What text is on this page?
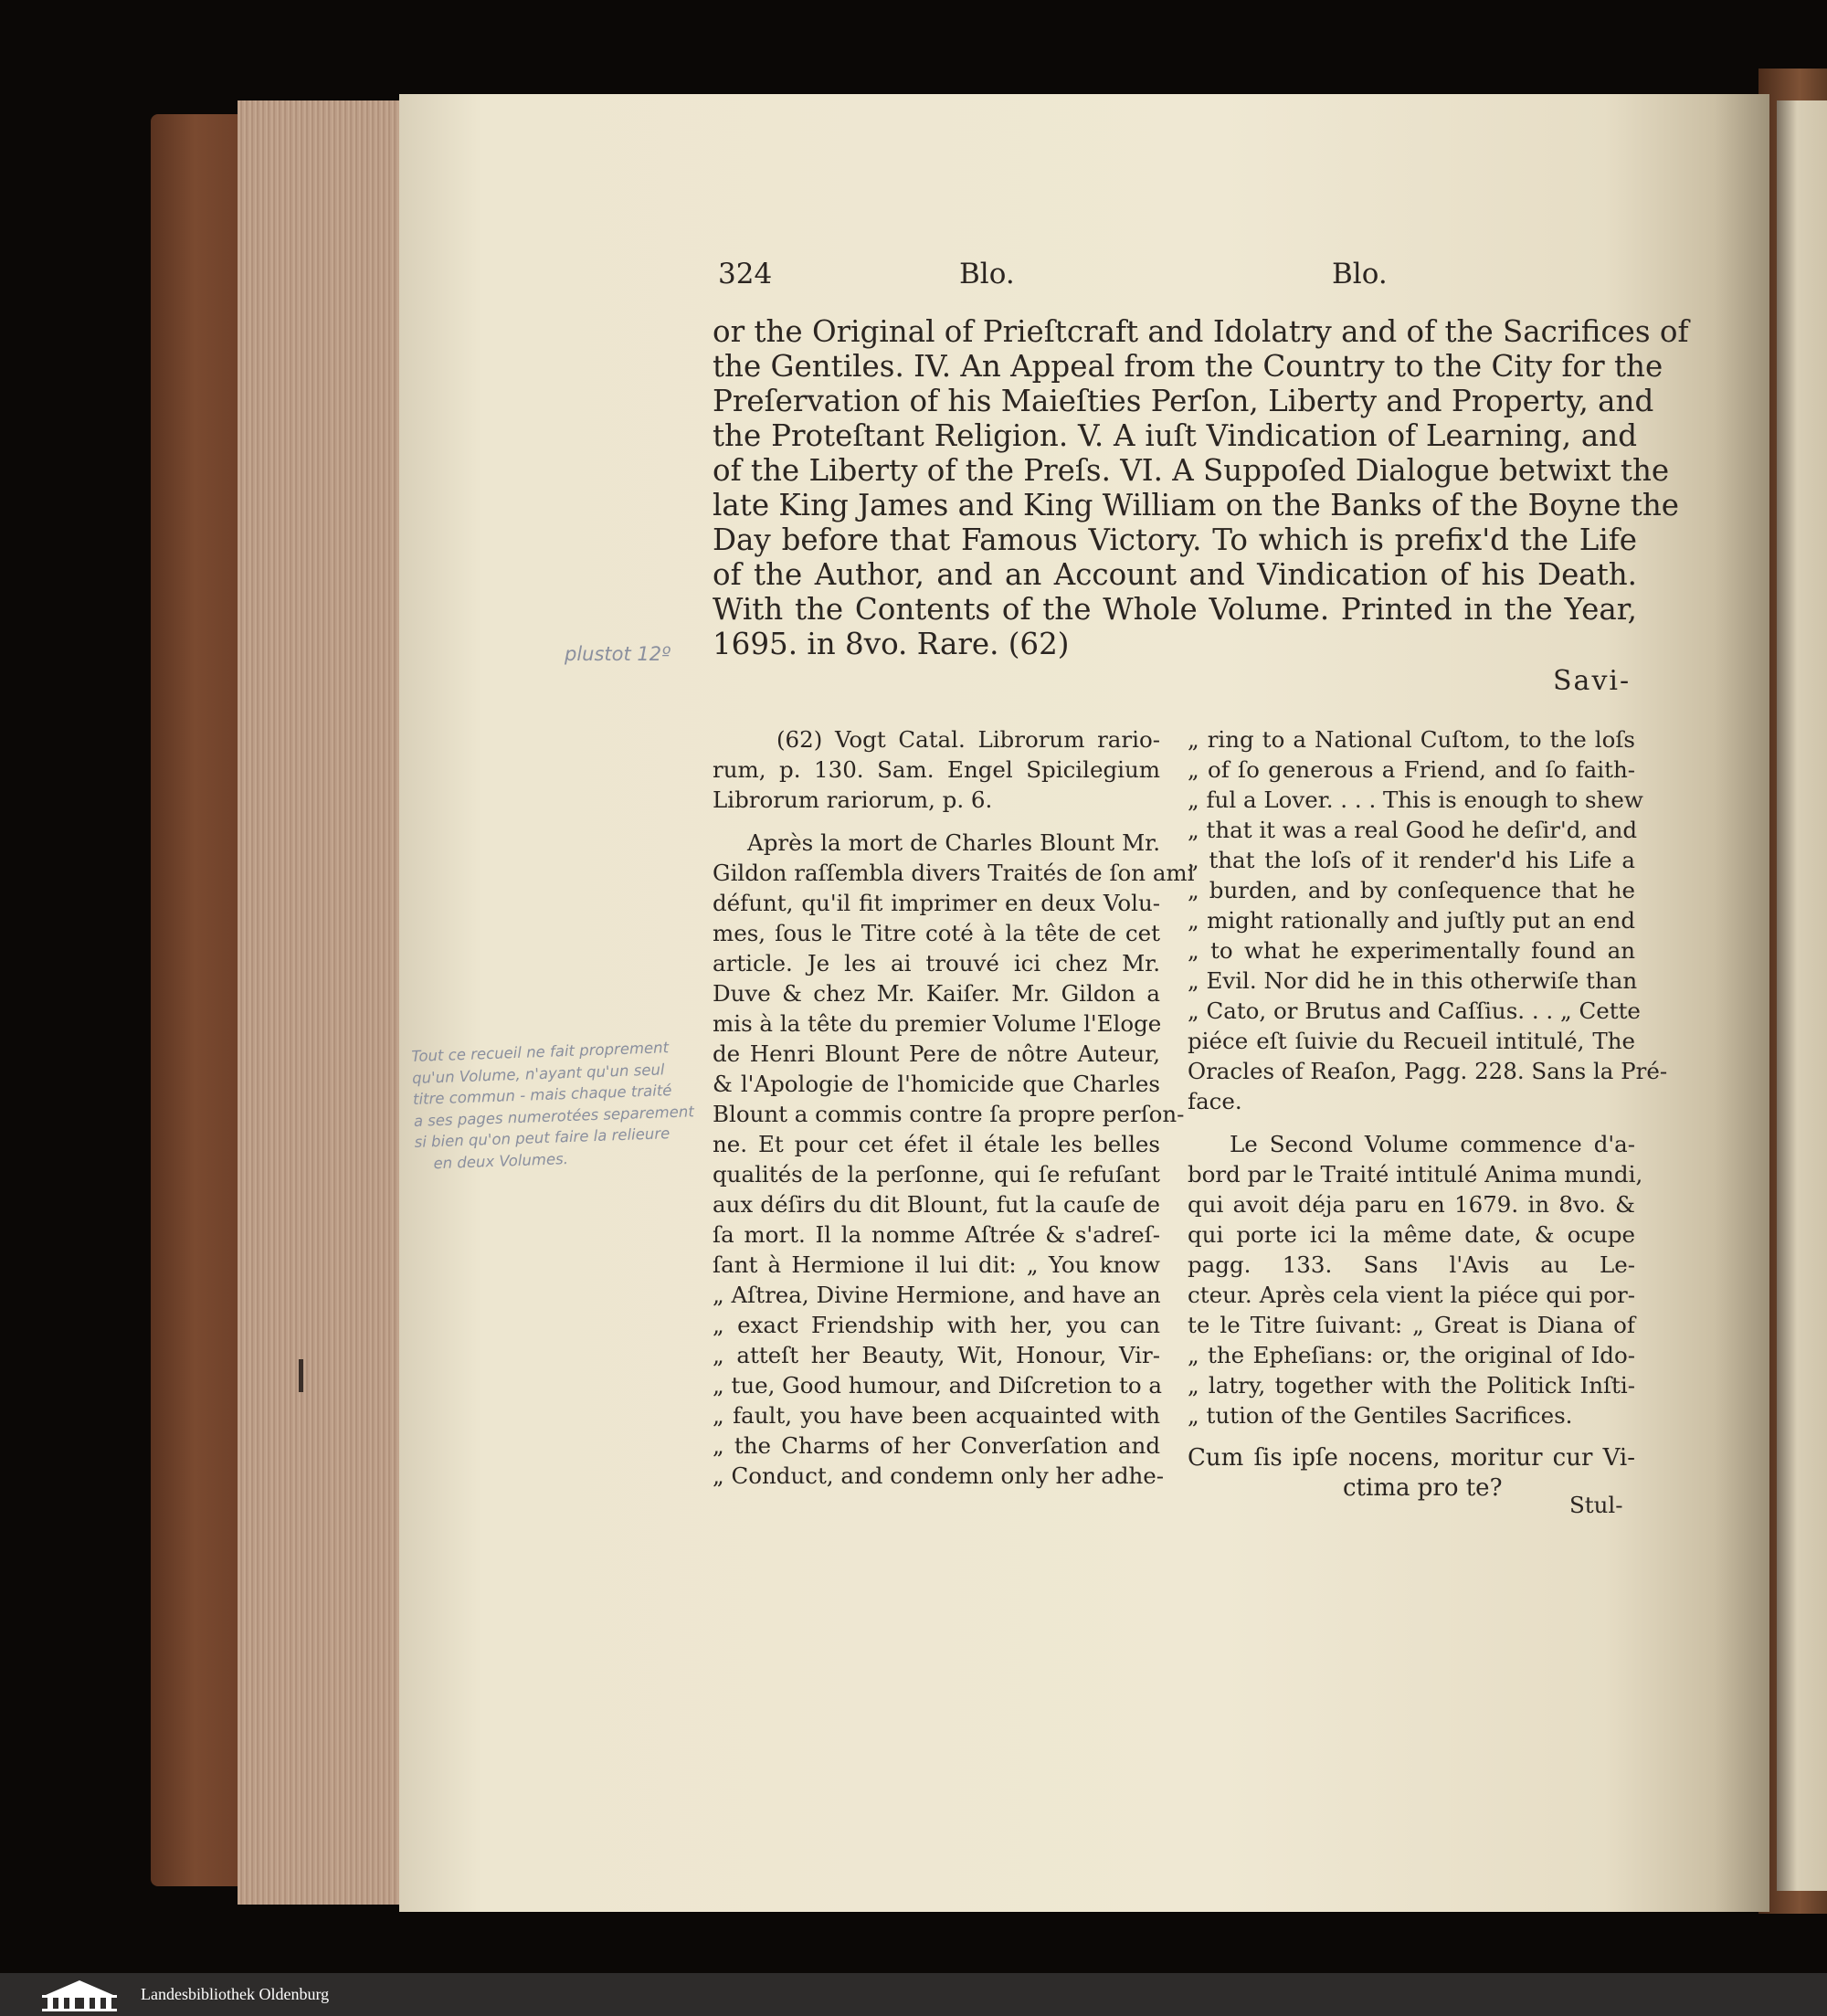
324	Blo.	Blo.
or the Original of Prieſtcraft and Idolatry and of the Sacrifices of
the Gentiles. IV. An Appeal from the Country to the City for the
Preſervation of his Maieſties Perſon, Liberty and Property, and
the Proteſtant Religion. V. A iuſt Vindication of Learning, and
of the Liberty of the Preſs. VI. A Suppoſed Dialogue betwixt the
late King James and King William on the Banks of the Boyne the
Day before that Famous Victory. To which is prefix'd the Life
of the Author, and an Account and Vindication of his Death.
With the Contents of the Whole Volume. Printed in the Year,
1695. in 8vo. Rare. (62)
Savi-
plustot 12º
Tout ce recueil ne fait proprement
qu'un Volume, n'ayant qu'un seul
titre commun - mais chaque traité
a ses pages numerotées separement
si bien qu'on peut faire la relieure
en deux Volumes.
(62) Vogt Catal. Librorum rario-
rum, p. 130. Sam. Engel Spicilegium
Librorum rariorum, p. 6.
Après la mort de Charles Blount Mr.
Gildon raſſembla divers Traités de ſon ami
défunt, qu'il fit imprimer en deux Volu-
mes, ſous le Titre coté à la tête de cet
article. Je les ai trouvé ici chez Mr.
Duve & chez Mr. Kaiſer. Mr. Gildon a
mis à la tête du premier Volume l'Eloge
de Henri Blount Pere de nôtre Auteur,
& l'Apologie de l'homicide que Charles
Blount a commis contre ſa propre perſon-
ne. Et pour cet éfet il étale les belles
qualités de la perſonne, qui ſe refuſant
aux déſirs du dit Blount, fut la cauſe de
ſa mort. Il la nomme Aſtrée & s'adreſ-
ſant à Hermione il lui dit: „ You know
„ Aſtrea, Divine Hermione, and have an
„ exact Friendship with her, you can
„ atteſt her Beauty, Wit, Honour, Vir-
„ tue, Good humour, and Diſcretion to a
„ fault, you have been acquainted with
„ the Charms of her Converſation and
„ Conduct, and condemn only her adhe-
„ ring to a National Cuſtom, to the loſs
„ of ſo generous a Friend, and ſo faith-
„ ful a Lover. . . . This is enough to shew
„ that it was a real Good he deſir'd, and
„ that the loſs of it render'd his Life a
„ burden, and by conſequence that he
„ might rationally and juſtly put an end
„ to what he experimentally found an
„ Evil. Nor did he in this otherwiſe than
„ Cato, or Brutus and Caſſius. . . „ Cette
piéce eſt ſuivie du Recueil intitulé, The
Oracles of Reaſon, Pagg. 228. Sans la Pré-
face.
Le Second Volume commence d'a-
bord par le Traité intitulé Anima mundi,
qui avoit déja paru en 1679. in 8vo. &
qui porte ici la même date, & ocupe
pagg. 133. Sans l'Avis au Le-
cteur. Après cela vient la piéce qui por-
te le Titre ſuivant: „ Great is Diana of
„ the Epheſians: or, the original of Ido-
„ latry, together with the Politick Inſti-
„ tution of the Gentiles Sacrifices.
Cum ſis ipſe nocens, moritur cur Vi-
ctima pro te?
Stul-
Landesbibliothek Oldenburg
